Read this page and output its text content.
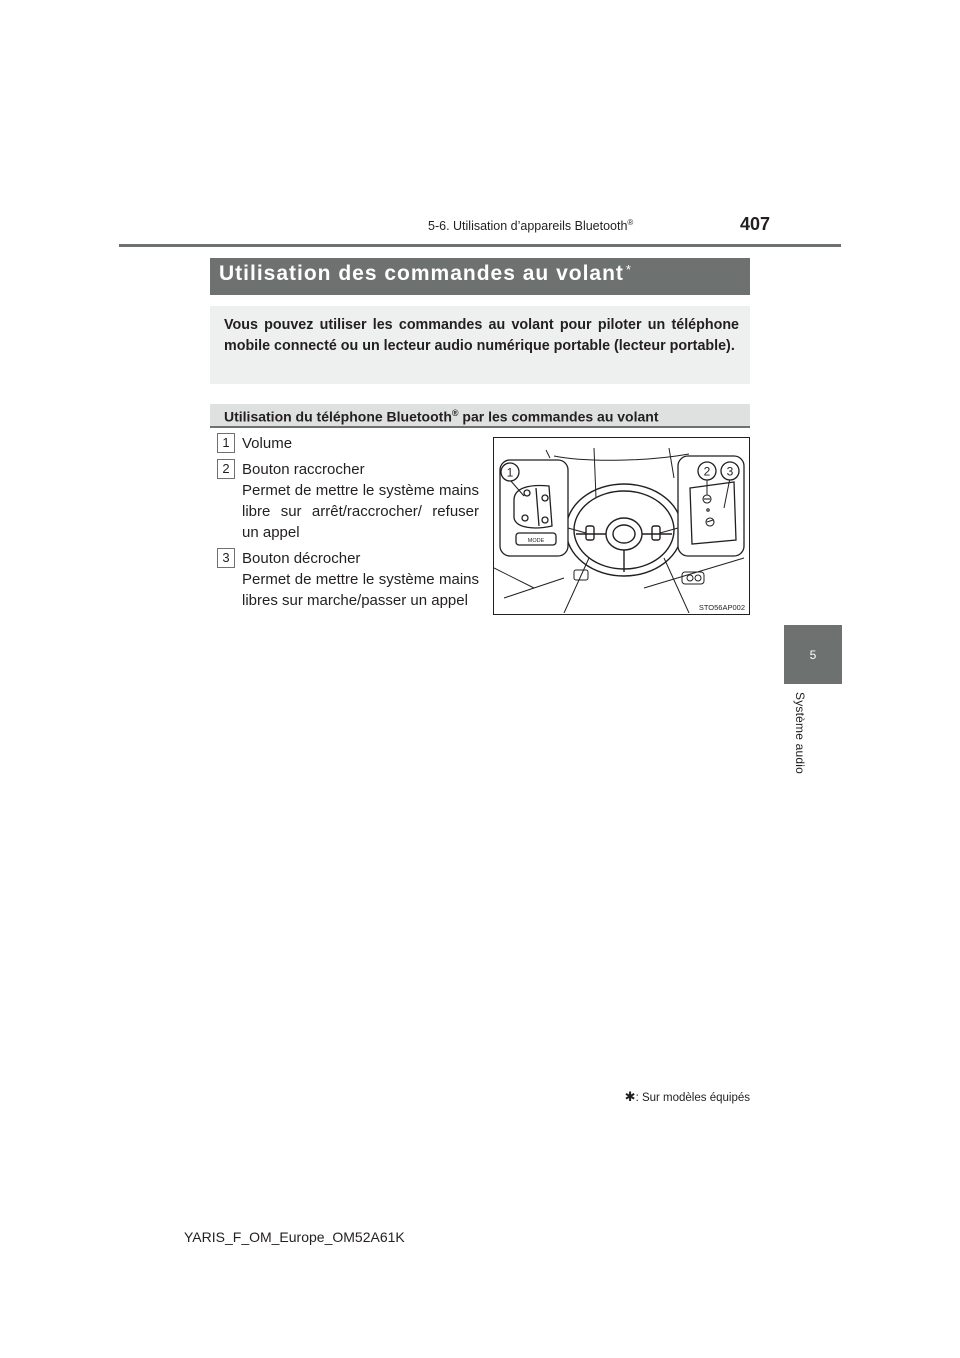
5-6. Utilisation d’appareils Bluetooth®	407
5
Système audio
Utilisation des commandes au volant *
Vous pouvez utiliser les commandes au volant pour piloter un téléphone mobile connecté ou un lecteur audio numérique portable (lecteur portable).
Utilisation du téléphone Bluetooth® par les commandes au volant
1 Volume
2 Bouton raccrocher
Permet de mettre le système mains libre sur arrêt/raccrocher/ refuser un appel
3 Bouton décrocher
Permet de mettre le système mains libres sur marche/passer un appel
1	2 3
MODE
STO56AP002
✱: Sur modèles équipés
YARIS_F_OM_Europe_OM52A61K
